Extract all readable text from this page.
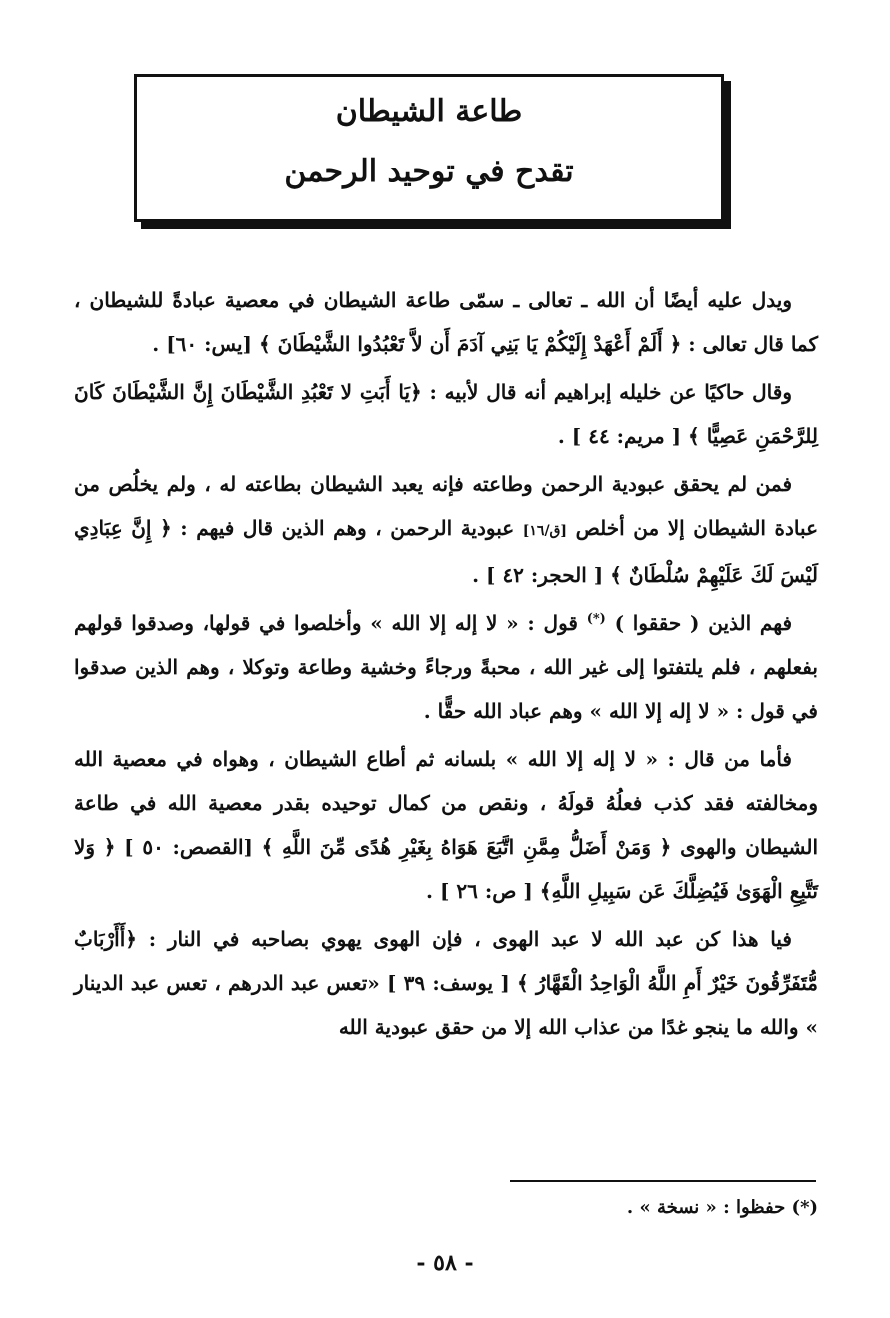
طاعة الشيطان
تقدح في توحيد الرحمن

ويدل عليه أيضًا أن الله ـ تعالى ـ سمّى طاعة الشيطان في معصية عبادةً للشيطان ، كما قال تعالى : ﴿ أَلَمْ أَعْهَدْ إِلَيْكُمْ يَا بَنِي آدَمَ أَن لاَّ تَعْبُدُوا الشَّيْطَانَ ﴾ [يس: ٦٠] .

وقال حاكيًا عن خليله إبراهيم أنه قال لأبيه : ﴿يَا أَبَتِ لا تَعْبُدِ الشَّيْطَانَ إِنَّ الشَّيْطَانَ كَانَ لِلرَّحْمَنِ عَصِيًّا ﴾ [ مريم: ٤٤ ] .

فمن لم يحقق عبودية الرحمن وطاعته فإنه يعبد الشيطان بطاعته له ، ولم يخلُص من عبادة الشيطان إلا من أخلص [ق/١٦] عبودية الرحمن ، وهم الذين قال فيهم : ﴿ إِنَّ عِبَادِي لَيْسَ لَكَ عَلَيْهِمْ سُلْطَانٌ ﴾ [ الحجر: ٤٢ ] .

فهم الذين ( حققوا ) (*) قول : « لا إله إلا الله » وأخلصوا في قولها، وصدقوا قولهم بفعلهم ، فلم يلتفتوا إلى غير الله ، محبةً ورجاءً وخشية وطاعة وتوكلا ، وهم الذين صدقوا في قول : « لا إله إلا الله » وهم عباد الله حقًّا .

فأما من قال : « لا إله إلا الله » بلسانه ثم أطاع الشيطان ، وهواه في معصية الله ومخالفته فقد كذب فعلُهُ قولَهُ ، ونقص من كمال توحيده بقدر معصية الله في طاعة الشيطان والهوى ﴿ وَمَنْ أَضَلُّ مِمَّنِ اتَّبَعَ هَوَاهُ بِغَيْرِ هُدًى مِّنَ اللَّهِ ﴾ [القصص: ٥٠ ] ﴿ وَلا تَتَّبِعِ الْهَوَىٰ فَيُضِلَّكَ عَن سَبِيلِ اللَّهِ﴾ [ ص: ٢٦ ] .

فيا هذا كن عبد الله لا عبد الهوى ، فإن الهوى يهوي بصاحبه في النار : ﴿أَأَرْبَابٌ مُّتَفَرِّقُونَ خَيْرٌ أَمِ اللَّهُ الْوَاحِدُ الْقَهَّارُ ﴾ [ يوسف: ٣٩ ] «تعس عبد الدرهم ، تعس عبد الدينار » والله ما ينجو غدًا من عذاب الله إلا من حقق عبودية الله

(*) حفظوا : « نسخة » .
- ٥٨ -
